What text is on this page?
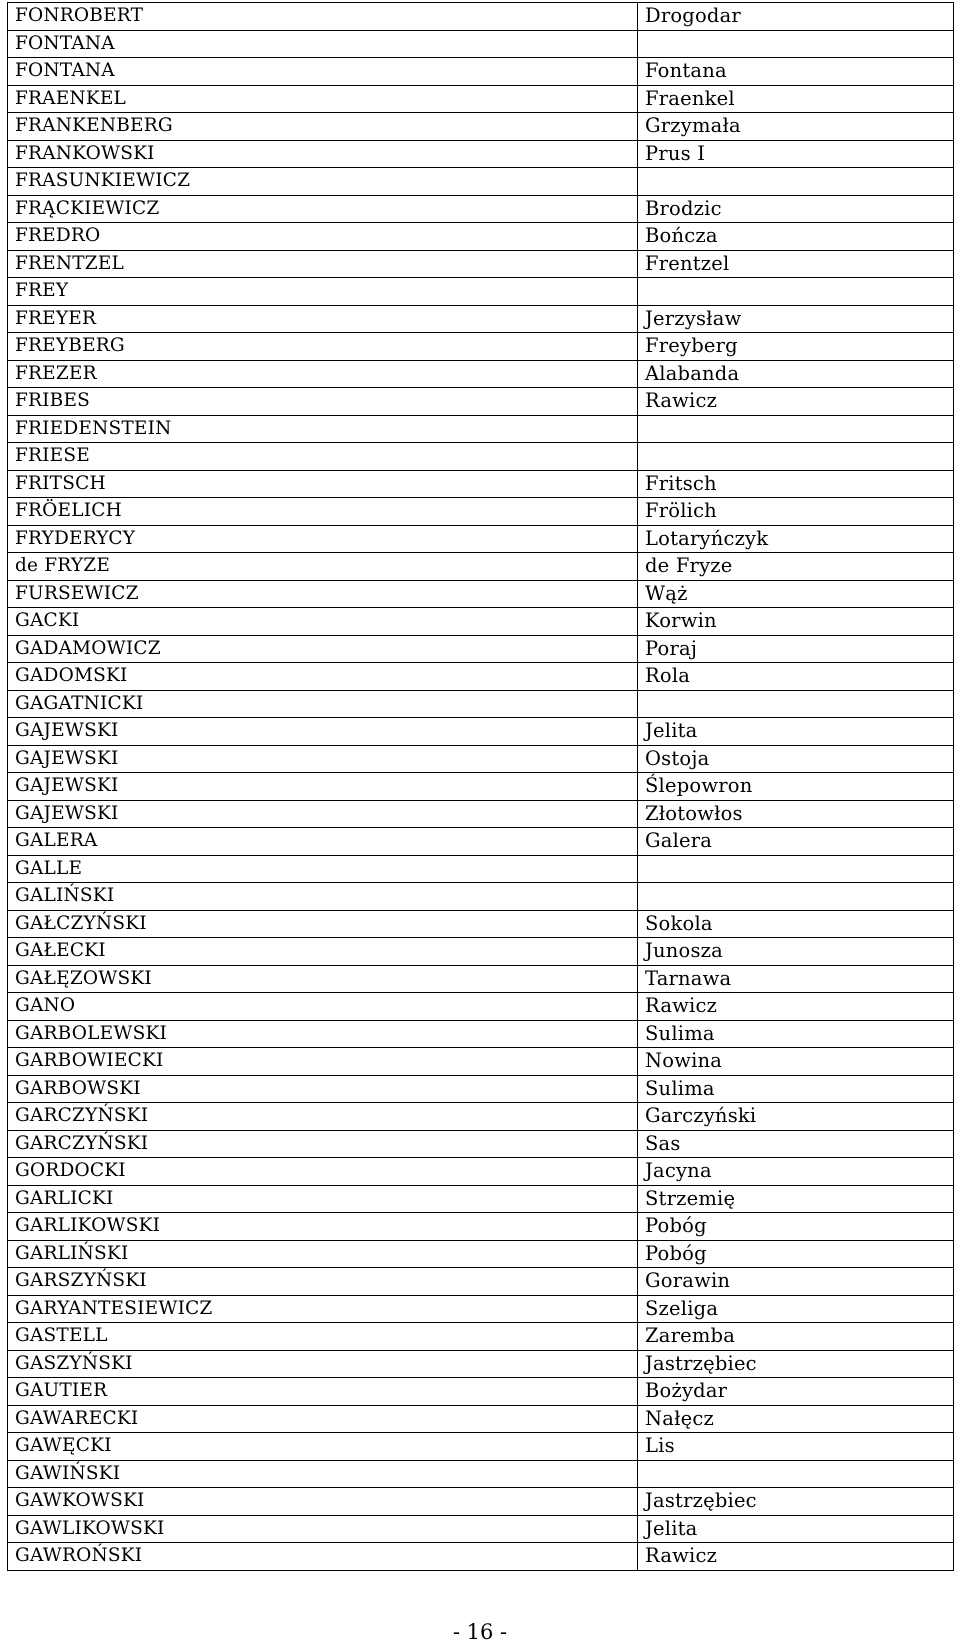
FONROBERT	Drogodar
FONTANA	
FONTANA	Fontana
FRAENKEL	Fraenkel
FRANKENBERG	Grzymała
FRANKOWSKI	Prus I
FRASUNKIEWICZ	
FRĄCKIEWICZ	Brodzic
FREDRO	Bończa
FRENTZEL	Frentzel
FREY	
FREYER	Jerzysław
FREYBERG	Freyberg
FREZER	Alabanda
FRIBES	Rawicz
FRIEDENSTEIN	
FRIESE	
FRITSCH	Fritsch
FRÖELICH	Frölich
FRYDERYCY	Lotaryńczyk
de FRYZE	de Fryze
FURSEWICZ	Wąż
GACKI	Korwin
GADAMOWICZ	Poraj
GADOMSKI	Rola
GAGATNICKI	
GAJEWSKI	Jelita
GAJEWSKI	Ostoja
GAJEWSKI	Ślepowron
GAJEWSKI	Złotowłos
GALERA	Galera
GALLE	
GALIŃSKI	
GAŁCZYŃSKI	Sokola
GAŁECKI	Junosza
GAŁĘZOWSKI	Tarnawa
GANO	Rawicz
GARBOLEWSKI	Sulima
GARBOWIECKI	Nowina
GARBOWSKI	Sulima
GARCZYŃSKI	Garczyński
GARCZYŃSKI	Sas
GORDOCKI	Jacyna
GARLICKI	Strzemię
GARLIKOWSKI	Pobóg
GARLIŃSKI	Pobóg
GARSZYŃSKI	Gorawin
GARYANTESIEWICZ	Szeliga
GASTELL	Zaremba
GASZYŃSKI	Jastrzębiec
GAUTIER	Bożydar
GAWARECKI	Nałęcz
GAWĘCKI	Lis
GAWIŃSKI	
GAWKOWSKI	Jastrzębiec
GAWLIKOWSKI	Jelita
GAWROŃSKI	Rawicz
- 16 -
